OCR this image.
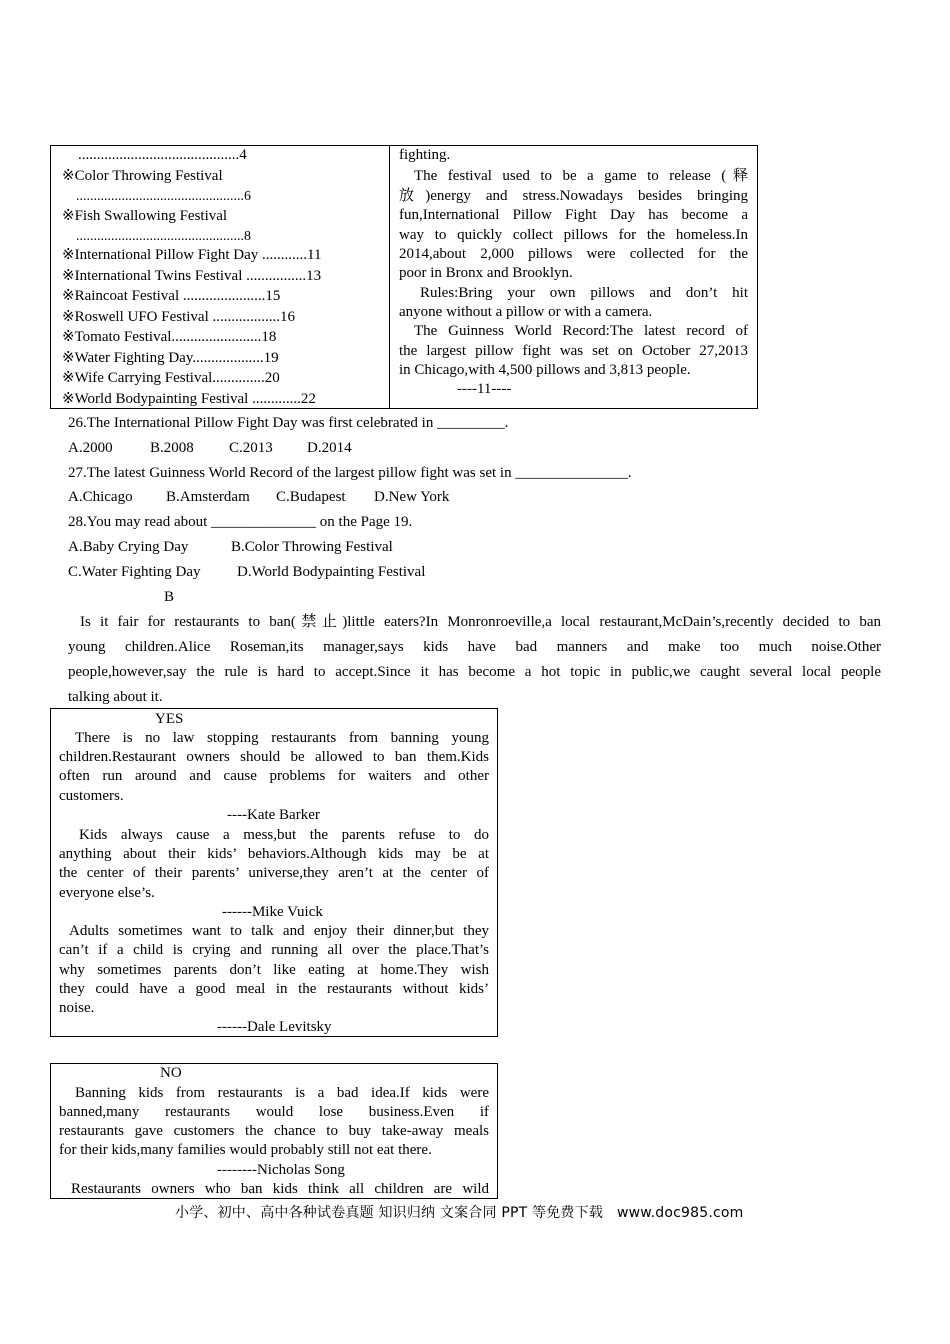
...........................................4
※Color Throwing Festival
................................................6
※Fish Swallowing Festival
................................................8
※International Pillow Fight Day ............11
※International Twins Festival ................13
※Raincoat Festival ......................15
※Roswell UFO Festival ..................16
※Tomato Festival........................18
※Water Fighting Day...................19
※Wife Carrying Festival..............20
※World Bodypainting Festival .............22
fighting.
The festival used to be a game to release (释
放)energy and stress.Nowadays besides bringing
fun,International Pillow Fight Day has become a
way to quickly collect pillows for the homeless.In
2014,about 2,000 pillows were collected for the
poor in Bronx and Brooklyn.
Rules:Bring your own pillows and don’t hit
anyone without a pillow or with a camera.
The Guinness World Record:The latest record of
the largest pillow fight was set on October 27,2013
in Chicago,with 4,500 pillows and 3,813 people.
----11----
26.The International Pillow Fight Day was first celebrated in _________.
A.2000 B.2008 C.2013 D.2014
27.The latest Guinness World Record of the largest pillow fight was set in _______________.
A.Chicago B.Amsterdam C.Budapest D.New York
28.You may read about ______________ on the Page 19.
A.Baby Crying Day	B.Color Throwing Festival
C.Water Fighting Day D.World Bodypainting Festival
B
Is it fair for restaurants to ban(禁止)little eaters?In Monronroeville,a local restaurant,McDain’s,recently decided to ban
young children.Alice Roseman,its manager,says kids have bad manners and make too much noise.Other
people,however,say the rule is hard to accept.Since it has become a hot topic in public,we caught several local people
talking about it.
YES
There is no law stopping restaurants from banning young
children.Restaurant owners should be allowed to ban them.Kids
often run around and cause problems for waiters and other
customers.
----Kate Barker
Kids always cause a mess,but the parents refuse to do
anything about their kids’ behaviors.Although kids may be at
the center of their parents’ universe,they aren’t at the center of
everyone else’s.
------Mike Vuick
Adults sometimes want to talk and enjoy their dinner,but they
can’t if a child is crying and running all over the place.That’s
why sometimes parents don’t like eating at home.They wish
they could have a good meal in the restaurants without kids’
noise.
------Dale Levitsky
NO
Banning kids from restaurants is a bad idea.If kids were
banned,many restaurants would lose business.Even if
restaurants gave customers the chance to buy take-away meals
for their kids,many families would probably still not eat there.
--------Nicholas Song
Restaurants owners who ban kids think all children are wild
小学、初中、高中各种试卷真题 知识归纳 文案合同 PPT 等免费下载   www.doc985.com
